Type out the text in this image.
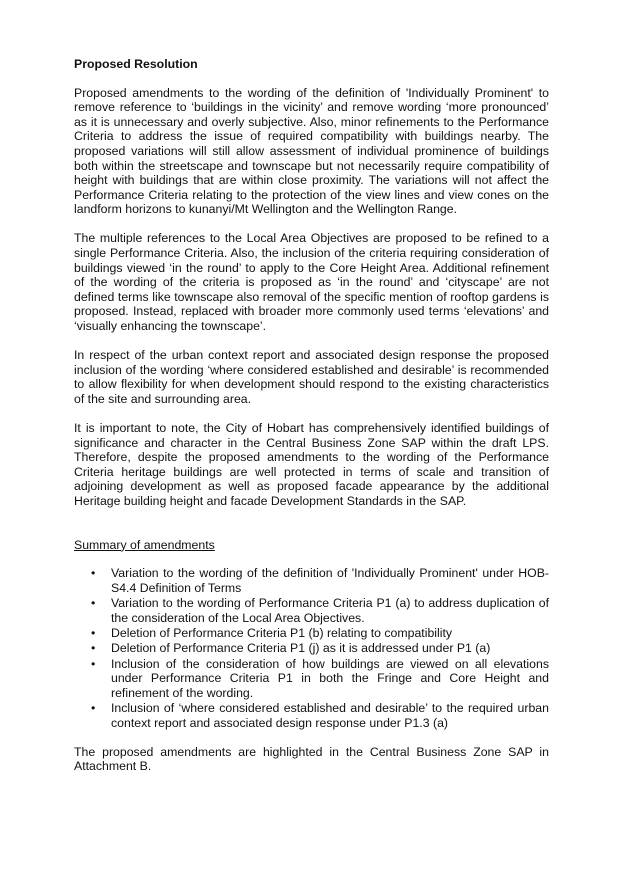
Proposed Resolution

Proposed amendments to the wording of the definition of 'Individually Prominent' to remove reference to ‘buildings in the vicinity’ and remove wording ‘more pronounced’ as it is unnecessary and overly subjective. Also, minor refinements to the Performance Criteria to address the issue of required compatibility with buildings nearby. The proposed variations will still allow assessment of individual prominence of buildings both within the streetscape and townscape but not necessarily require compatibility of height with buildings that are within close proximity. The variations will not affect the Performance Criteria relating to the protection of the view lines and view cones on the landform horizons to kunanyi/Mt Wellington and the Wellington Range.

The multiple references to the Local Area Objectives are proposed to be refined to a single Performance Criteria. Also, the inclusion of the criteria requiring consideration of buildings viewed ‘in the round’ to apply to the Core Height Area. Additional refinement of the wording of the criteria is proposed as ‘in the round’ and ‘cityscape’ are not defined terms like townscape also removal of the specific mention of rooftop gardens is proposed. Instead, replaced with broader more commonly used terms ‘elevations’ and ‘visually enhancing the townscape’.

In respect of the urban context report and associated design response the proposed inclusion of the wording ‘where considered established and desirable’ is recommended to allow flexibility for when development should respond to the existing characteristics of the site and surrounding area.

It is important to note, the City of Hobart has comprehensively identified buildings of significance and character in the Central Business Zone SAP within the draft LPS. Therefore, despite the proposed amendments to the wording of the Performance Criteria heritage buildings are well protected in terms of scale and transition of adjoining development as well as proposed facade appearance by the additional Heritage building height and facade Development Standards in the SAP.

Summary of amendments
• Variation to the wording of the definition of 'Individually Prominent' under HOB-S4.4 Definition of Terms
• Variation to the wording of Performance Criteria P1 (a) to address duplication of the consideration of the Local Area Objectives.
• Deletion of Performance Criteria P1 (b) relating to compatibility
• Deletion of Performance Criteria P1 (j) as it is addressed under P1 (a)
• Inclusion of the consideration of how buildings are viewed on all elevations under Performance Criteria P1 in both the Fringe and Core Height and refinement of the wording.
• Inclusion of ‘where considered established and desirable’ to the required urban context report and associated design response under P1.3 (a)

The proposed amendments are highlighted in the Central Business Zone SAP in Attachment B.
